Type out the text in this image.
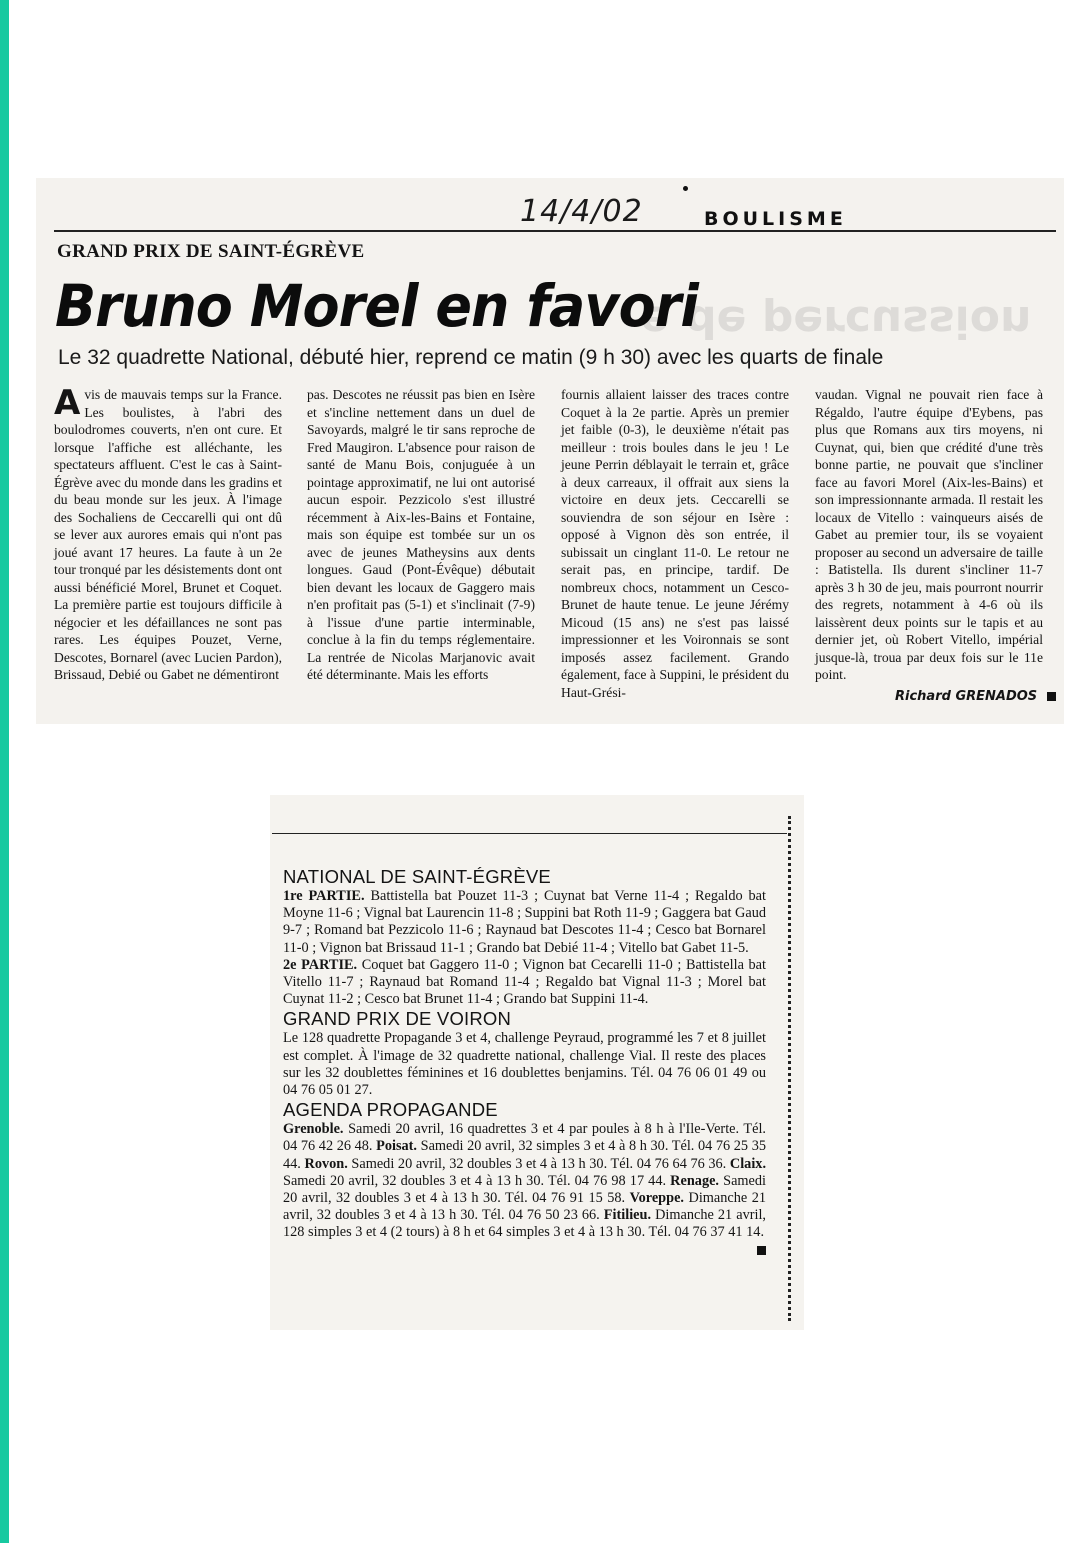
e de percussion
14/4/02	BOULISME
GRAND PRIX DE SAINT-ÉGRÈVE
Bruno Morel en favori
Le 32 quadrette National, débuté hier, reprend ce matin (9 h 30) avec les quarts de finale
Avis de mauvais temps sur la France. Les boulistes, à l'abri des boulodromes couverts, n'en ont cure. Et lorsque l'affiche est alléchante, les spectateurs affluent. C'est le cas à Saint-Égrève avec du monde dans les gradins et du beau monde sur les jeux. À l'image des Sochaliens de Ceccarelli qui ont dû se lever aux aurores emais qui n'ont pas joué avant 17 heures. La faute à un 2e tour tronqué par les désistements dont ont aussi bénéficié Morel, Brunet et Coquet. La première partie est toujours difficile à négocier et les défaillances ne sont pas rares. Les équipes Pouzet, Verne, Descotes, Bornarel (avec Lucien Pardon), Brissaud, Debié ou Gabet ne démentiront
pas. Descotes ne réussit pas bien en Isère et s'incline nettement dans un duel de Savoyards, malgré le tir sans reproche de Fred Maugiron. L'absence pour raison de santé de Manu Bois, conjuguée à un pointage approximatif, ne lui ont autorisé aucun espoir. Pezzicolo s'est illustré récemment à Aix-les-Bains et Fontaine, mais son équipe est tombée sur un os avec de jeunes Matheysins aux dents longues. Gaud (Pont-Évêque) débutait bien devant les locaux de Gaggero mais n'en profitait pas (5-1) et s'inclinait (7-9) à l'issue d'une partie interminable, conclue à la fin du temps réglementaire. La rentrée de Nicolas Marjanovic avait été déterminante. Mais les efforts
fournis allaient laisser des traces contre Coquet à la 2e partie. Après un premier jet faible (0-3), le deuxième n'était pas meilleur : trois boules dans le jeu ! Le jeune Perrin déblayait le terrain et, grâce à deux carreaux, il offrait aux siens la victoire en deux jets. Ceccarelli se souviendra de son séjour en Isère : opposé à Vignon dès son entrée, il subissait un cinglant 11-0. Le retour ne serait pas, en principe, tardif. De nombreux chocs, notamment un Cesco-Brunet de haute tenue. Le jeune Jérémy Micoud (15 ans) ne s'est pas laissé impressionner et les Voironnais se sont imposés assez facilement. Grando également, face à Suppini, le président du Haut-Grési-
vaudan. Vignal ne pouvait rien face à Régaldo, l'autre équipe d'Eybens, pas plus que Romans aux tirs moyens, ni Cuynat, qui, bien que crédité d'une très bonne partie, ne pouvait que s'incliner face au favori Morel (Aix-les-Bains) et son impressionnante armada. Il restait les locaux de Vitello : vainqueurs aisés de Gabet au premier tour, ils se voyaient proposer au second un adversaire de taille : Batistella. Ils durent s'incliner 11-7 après 3 h 30 de jeu, mais pourront nourrir des regrets, notamment à 4-6 où ils laissèrent deux points sur le tapis et au dernier jet, où Robert Vitello, impérial jusque-là, troua par deux fois sur le 11e point.
Richard GRENADOS
NATIONAL DE SAINT-ÉGRÈVE

1re PARTIE. Battistella bat Pouzet 11-3 ; Cuynat bat Verne 11-4 ; Regaldo bat Moyne 11-6 ; Vignal bat Laurencin 11-8 ; Suppini bat Roth 11-9 ; Gaggera bat Gaud 9-7 ; Romand bat Pezzicolo 11-6 ; Raynaud bat Descotes 11-4 ; Cesco bat Bornarel 11-0 ; Vignon bat Brissaud 11-1 ; Grando bat Debié 11-4 ; Vitello bat Gabet 11-5.

2e PARTIE. Coquet bat Gaggero 11-0 ; Vignon bat Cecarelli 11-0 ; Battistella bat Vitello 11-7 ; Raynaud bat Romand 11-4 ; Regaldo bat Vignal 11-3 ; Morel bat Cuynat 11-2 ; Cesco bat Brunet 11-4 ; Grando bat Suppini 11-4.

GRAND PRIX DE VOIRON

Le 128 quadrette Propagande 3 et 4, challenge Peyraud, programmé les 7 et 8 juillet est complet. À l'image de 32 quadrette national, challenge Vial. Il reste des places sur les 32 doublettes féminines et 16 doublettes benjamins. Tél. 04 76 06 01 49 ou 04 76 05 01 27.

AGENDA PROPAGANDE

Grenoble. Samedi 20 avril, 16 quadrettes 3 et 4 par poules à 8 h à l'Ile-Verte. Tél. 04 76 42 26 48. Poisat. Samedi 20 avril, 32 simples 3 et 4 à 8 h 30. Tél. 04 76 25 35 44. Rovon. Samedi 20 avril, 32 doubles 3 et 4 à 13 h 30. Tél. 04 76 64 76 36. Claix. Samedi 20 avril, 32 doubles 3 et 4 à 13 h 30. Tél. 04 76 98 17 44. Renage. Samedi 20 avril, 32 doubles 3 et 4 à 13 h 30. Tél. 04 76 91 15 58. Voreppe. Dimanche 21 avril, 32 doubles 3 et 4 à 13 h 30. Tél. 04 76 50 23 66. Fitilieu. Dimanche 21 avril, 128 simples 3 et 4 (2 tours) à 8 h et 64 simples 3 et 4 à 13 h 30. Tél. 04 76 37 41 14.
